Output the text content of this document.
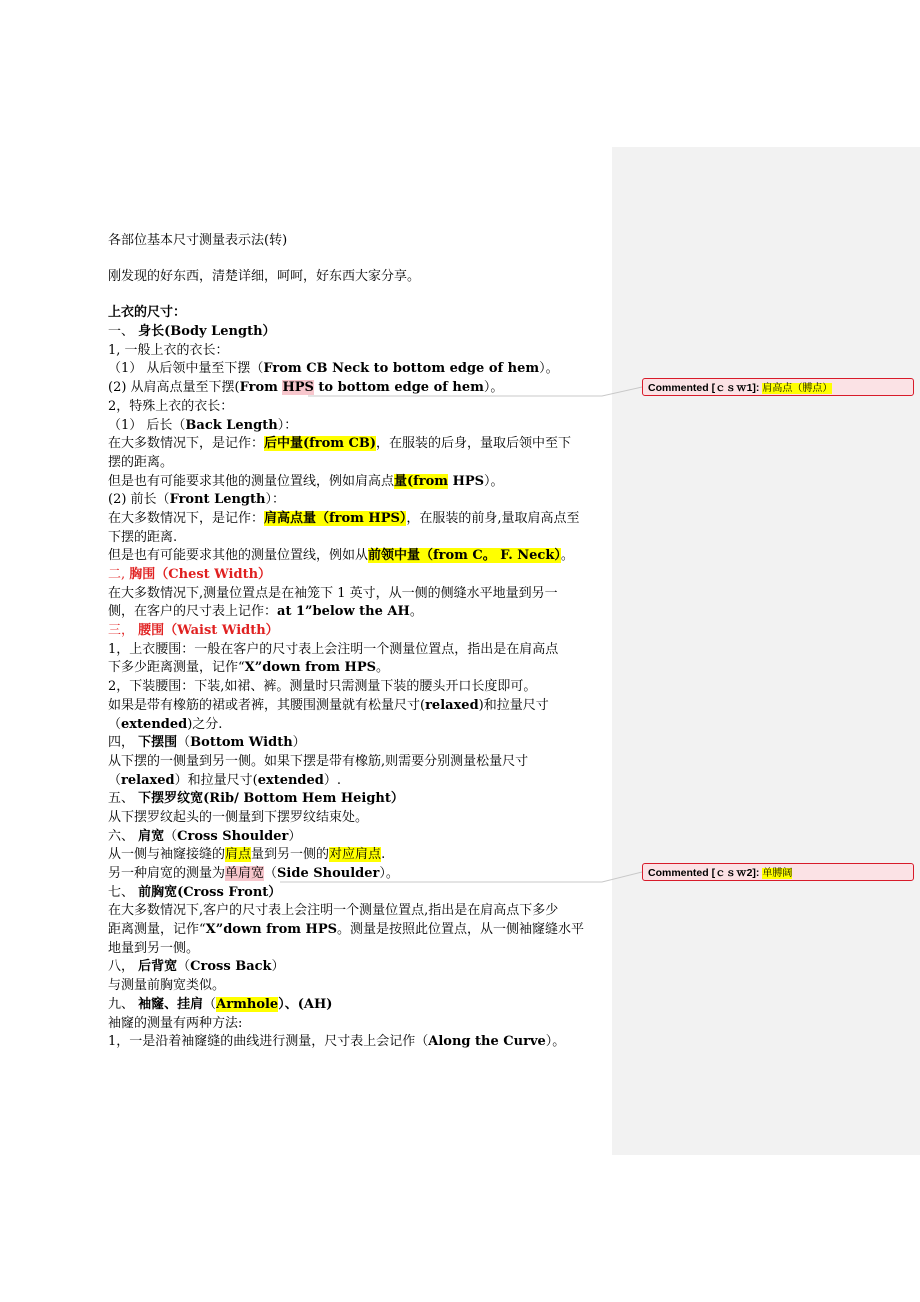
各部位基本尺寸测量表示法(转)
刚发现的好东西，清楚详细，呵呵，好东西大家分享。
上衣的尺寸：
一、 身长(Body Length）
1, 一般上衣的衣长：
（1） 从后领中量至下摆（From CB Neck to bottom edge of hem）。
(2) 从肩高点量至下摆(From HPS to bottom edge of hem）。
2，特殊上衣的衣长：
（1） 后长（Back Length）：
在大多数情况下，是记作：后中量(from CB)，在服装的后身，量取后领中至下
摆的距离。
但是也有可能要求其他的测量位置线，例如肩高点量(from HPS）。
(2) 前长（Front Length）：
在大多数情况下，是记作：肩高点量（from HPS），在服装的前身,量取肩高点至
下摆的距离.
但是也有可能要求其他的测量位置线，例如从前领中量（from C。 F. Neck）。
二, 胸围（Chest Width）
在大多数情况下,测量位置点是在袖笼下 1 英寸，从一侧的侧缝水平地量到另一
侧，在客户的尺寸表上记作：at 1”below the AH。
三， 腰围（Waist Width）
1，上衣腰围：一般在客户的尺寸表上会注明一个测量位置点，指出是在肩高点
下多少距离测量，记作“X”down from HPS。
2，下装腰围：下装,如裙、裤。测量时只需测量下装的腰头开口长度即可。
如果是带有橡筋的裙或者裤，其腰围测量就有松量尺寸(relaxed)和拉量尺寸
（extended)之分.
四， 下摆围（Bottom Width）
从下摆的一侧量到另一侧。如果下摆是带有橡筋,则需要分别测量松量尺寸
（relaxed）和拉量尺寸(extended）.
五、 下摆罗纹宽(Rib/ Bottom Hem Height）
从下摆罗纹起头的一侧量到下摆罗纹结束处。
六、 肩宽（Cross Shoulder）
从一侧与袖窿接缝的肩点量到另一侧的对应肩点.
另一种肩宽的测量为单肩宽（Side Shoulder）。
七、 前胸宽(Cross Front）
在大多数情况下,客户的尺寸表上会注明一个测量位置点,指出是在肩高点下多少
距离测量，记作“X”down from HPS。测量是按照此位置点，从一侧袖窿缝水平
地量到另一侧。
八， 后背宽（Cross Back）
与测量前胸宽类似。
九、 袖窿、挂肩（Armhole）、(AH)
袖窿的测量有两种方法:
1，一是沿着袖窿缝的曲线进行测量，尺寸表上会记作（Along the Curve）。
Commented [ｃｓｗ1]: 肩高点（膊点）
Commented [ｃｓｗ2]: 单膊阔
